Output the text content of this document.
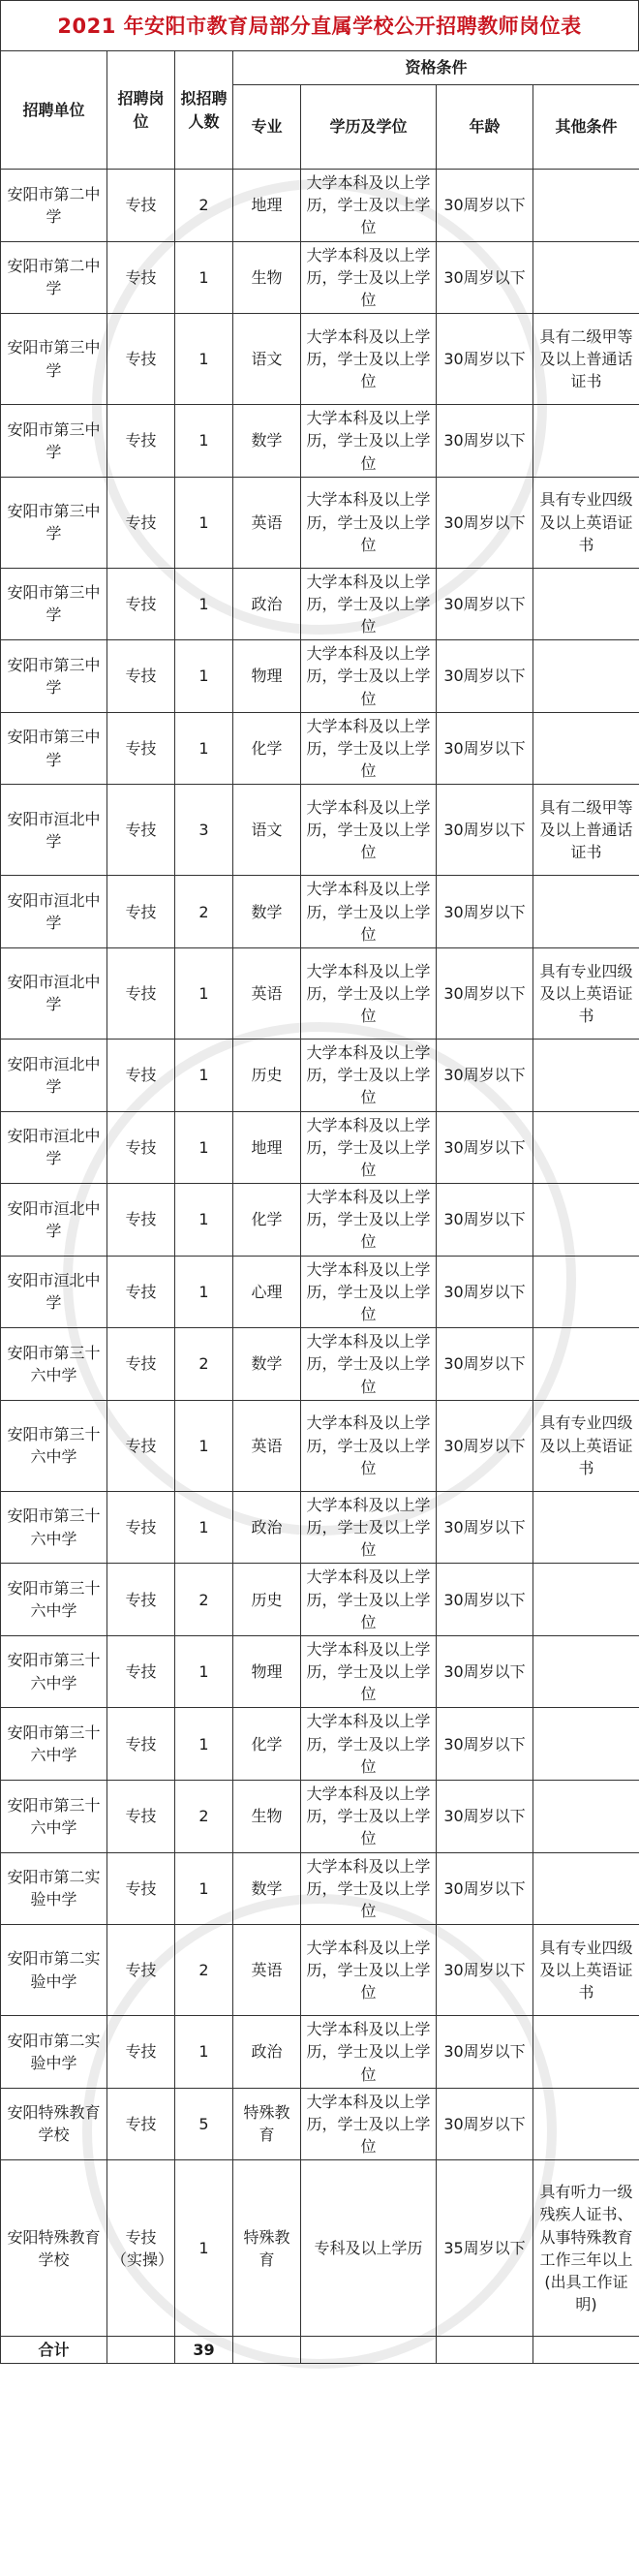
2021 年安阳市教育局部分直属学校公开招聘教师岗位表
招聘单位	招聘岗位	拟招聘人数	资格条件			
			专业	学历及学位	年龄	其他条件
安阳市第二中学	专技	2	地理	大学本科及以上学历，学士及以上学位	30周岁以下	
安阳市第二中学	专技	1	生物	大学本科及以上学历，学士及以上学位	30周岁以下	
安阳市第三中学	专技	1	语文	大学本科及以上学历，学士及以上学位	30周岁以下	具有二级甲等及以上普通话证书
安阳市第三中学	专技	1	数学	大学本科及以上学历，学士及以上学位	30周岁以下	
安阳市第三中学	专技	1	英语	大学本科及以上学历，学士及以上学位	30周岁以下	具有专业四级及以上英语证书
安阳市第三中学	专技	1	政治	大学本科及以上学历，学士及以上学位	30周岁以下	
安阳市第三中学	专技	1	物理	大学本科及以上学历，学士及以上学位	30周岁以下	
安阳市第三中学	专技	1	化学	大学本科及以上学历，学士及以上学位	30周岁以下	
安阳市洹北中学	专技	3	语文	大学本科及以上学历，学士及以上学位	30周岁以下	具有二级甲等及以上普通话证书
安阳市洹北中学	专技	2	数学	大学本科及以上学历，学士及以上学位	30周岁以下	
安阳市洹北中学	专技	1	英语	大学本科及以上学历，学士及以上学位	30周岁以下	具有专业四级及以上英语证书
安阳市洹北中学	专技	1	历史	大学本科及以上学历，学士及以上学位	30周岁以下	
安阳市洹北中学	专技	1	地理	大学本科及以上学历，学士及以上学位	30周岁以下	
安阳市洹北中学	专技	1	化学	大学本科及以上学历，学士及以上学位	30周岁以下	
安阳市洹北中学	专技	1	心理	大学本科及以上学历，学士及以上学位	30周岁以下	
安阳市第三十六中学	专技	2	数学	大学本科及以上学历，学士及以上学位	30周岁以下	
安阳市第三十六中学	专技	1	英语	大学本科及以上学历，学士及以上学位	30周岁以下	具有专业四级及以上英语证书
安阳市第三十六中学	专技	1	政治	大学本科及以上学历，学士及以上学位	30周岁以下	
安阳市第三十六中学	专技	2	历史	大学本科及以上学历，学士及以上学位	30周岁以下	
安阳市第三十六中学	专技	1	物理	大学本科及以上学历，学士及以上学位	30周岁以下	
安阳市第三十六中学	专技	1	化学	大学本科及以上学历，学士及以上学位	30周岁以下	
安阳市第三十六中学	专技	2	生物	大学本科及以上学历，学士及以上学位	30周岁以下	
安阳市第二实验中学	专技	1	数学	大学本科及以上学历，学士及以上学位	30周岁以下	
安阳市第二实验中学	专技	2	英语	大学本科及以上学历，学士及以上学位	30周岁以下	具有专业四级及以上英语证书
安阳市第二实验中学	专技	1	政治	大学本科及以上学历，学士及以上学位	30周岁以下	
安阳特殊教育学校	专技	5	特殊教育	大学本科及以上学历，学士及以上学位	30周岁以下	
安阳特殊教育学校	专技（实操）	1	特殊教育	专科及以上学历	35周岁以下	具有听力一级残疾人证书、从事特殊教育工作三年以上(出具工作证明)
合计		39				
